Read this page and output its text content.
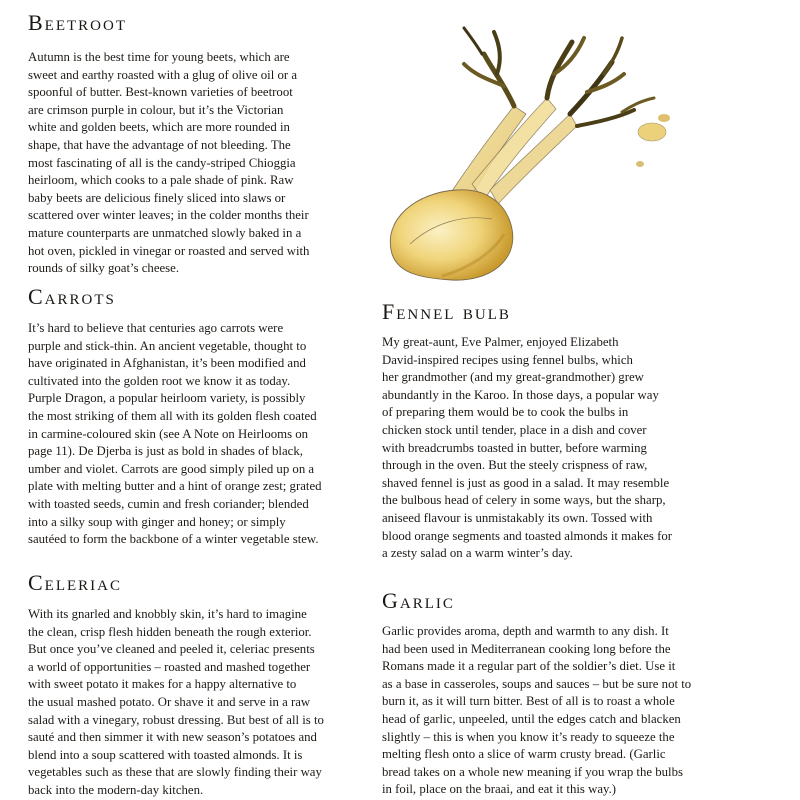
Beetroot
Autumn is the best time for young beets, which are
sweet and earthy roasted with a glug of olive oil or a
spoonful of butter. Best-known varieties of beetroot
are crimson purple in colour, but it’s the Victorian
white and golden beets, which are more rounded in
shape, that have the advantage of not bleeding. The
most fascinating of all is the candy-striped Chioggia
heirloom, which cooks to a pale shade of pink. Raw
baby beets are delicious finely sliced into slaws or
scattered over winter leaves; in the colder months their
mature counterparts are unmatched slowly baked in a
hot oven, pickled in vinegar or roasted and served with
rounds of silky goat’s cheese.
Carrots
It’s hard to believe that centuries ago carrots were
purple and stick-thin. An ancient vegetable, thought to
have originated in Afghanistan, it’s been modified and
cultivated into the golden root we know it as today.
Purple Dragon, a popular heirloom variety, is possibly
the most striking of them all with its golden flesh coated
in carmine-coloured skin (see A Note on Heirlooms on
page 11). De Djerba is just as bold in shades of black,
umber and violet. Carrots are good simply piled up on a
plate with melting butter and a hint of orange zest; grated
with toasted seeds, cumin and fresh coriander; blended
into a silky soup with ginger and honey; or simply
sautéed to form the backbone of a winter vegetable stew.
Celeriac
With its gnarled and knobbly skin, it’s hard to imagine
the clean, crisp flesh hidden beneath the rough exterior.
But once you’ve cleaned and peeled it, celeriac presents
a world of opportunities – roasted and mashed together
with sweet potato it makes for a happy alternative to
the usual mashed potato. Or shave it and serve in a raw
salad with a vinegary, robust dressing. But best of all is to
sauté and then simmer it with new season’s potatoes and
blend into a soup scattered with toasted almonds. It is
vegetables such as these that are slowly finding their way
back into the modern-day kitchen.
Fennel bulb
My great-aunt, Eve Palmer, enjoyed Elizabeth
David-inspired recipes using fennel bulbs, which
her grandmother (and my great-grandmother) grew
abundantly in the Karoo. In those days, a popular way
of preparing them would be to cook the bulbs in
chicken stock until tender, place in a dish and cover
with breadcrumbs toasted in butter, before warming
through in the oven. But the steely crispness of raw,
shaved fennel is just as good in a salad. It may resemble
the bulbous head of celery in some ways, but the sharp,
aniseed flavour is unmistakably its own. Tossed with
blood orange segments and toasted almonds it makes for
a zesty salad on a warm winter’s day.
Garlic
Garlic provides aroma, depth and warmth to any dish. It
had been used in Mediterranean cooking long before the
Romans made it a regular part of the soldier’s diet. Use it
as a base in casseroles, soups and sauces – but be sure not to
burn it, as it will turn bitter. Best of all is to roast a whole
head of garlic, unpeeled, until the edges catch and blacken
slightly – this is when you know it’s ready to squeeze the
melting flesh onto a slice of warm crusty bread. (Garlic
bread takes on a whole new meaning if you wrap the bulbs
in foil, place on the braai, and eat it this way.)
